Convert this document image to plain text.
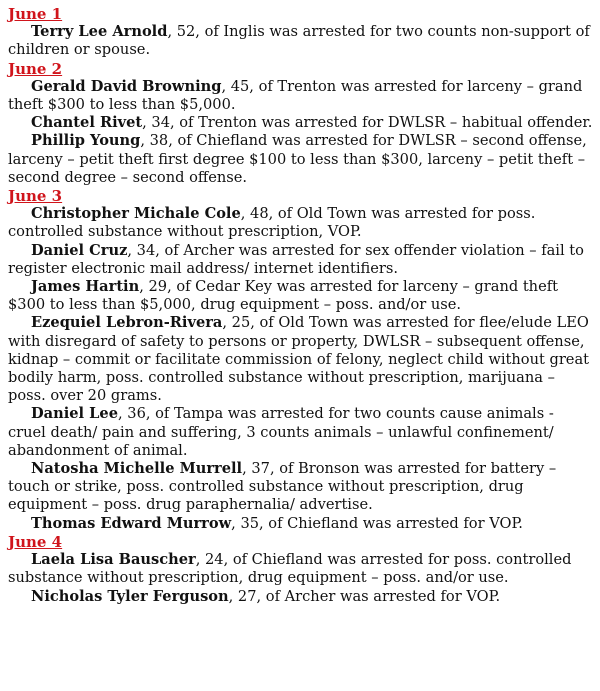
June 1

Terry Lee Arnold, 52, of Inglis was arrested for two counts non-support of children or spouse.

June 2

Gerald David Browning, 45, of Trenton was arrested for larceny – grand theft $300 to less than $5,000.

Chantel Rivet, 34, of Trenton was arrested for DWLSR – habitual offender.

Phillip Young, 38, of Chiefland was arrested for DWLSR – second offense, larceny – petit theft first degree $100 to less than $300, larceny – petit theft – second degree – second offense.

June 3

Christopher Michale Cole, 48, of Old Town was arrested for poss. controlled substance without prescription, VOP.

Daniel Cruz, 34, of Archer was arrested for sex offender violation – fail to register electronic mail address/ internet identifiers.

James Hartin, 29, of Cedar Key was arrested for larceny – grand theft $300 to less than $5,000, drug equipment – poss. and/or use.

Ezequiel Lebron-Rivera, 25, of Old Town was arrested for flee/elude LEO with disregard of safety to persons or property, DWLSR – subsequent offense, kidnap – commit or facilitate commission of felony, neglect child without great bodily harm, poss. controlled substance without prescription, marijuana – poss. over 20 grams.

Daniel Lee, 36, of Tampa was arrested for two counts cause animals - cruel death/ pain and suffering, 3 counts animals – unlawful confinement/ abandonment of animal.

Natosha Michelle Murrell, 37, of Bronson was arrested for battery – touch or strike, poss. controlled substance without prescription, drug equipment – poss. drug paraphernalia/ advertise.

Thomas Edward Murrow, 35, of Chiefland was arrested for VOP.

June 4

Laela Lisa Bauscher, 24, of Chiefland was arrested for poss. controlled substance without prescription, drug equipment – poss. and/or use.

Nicholas Tyler Ferguson, 27, of Archer was arrested for VOP.
